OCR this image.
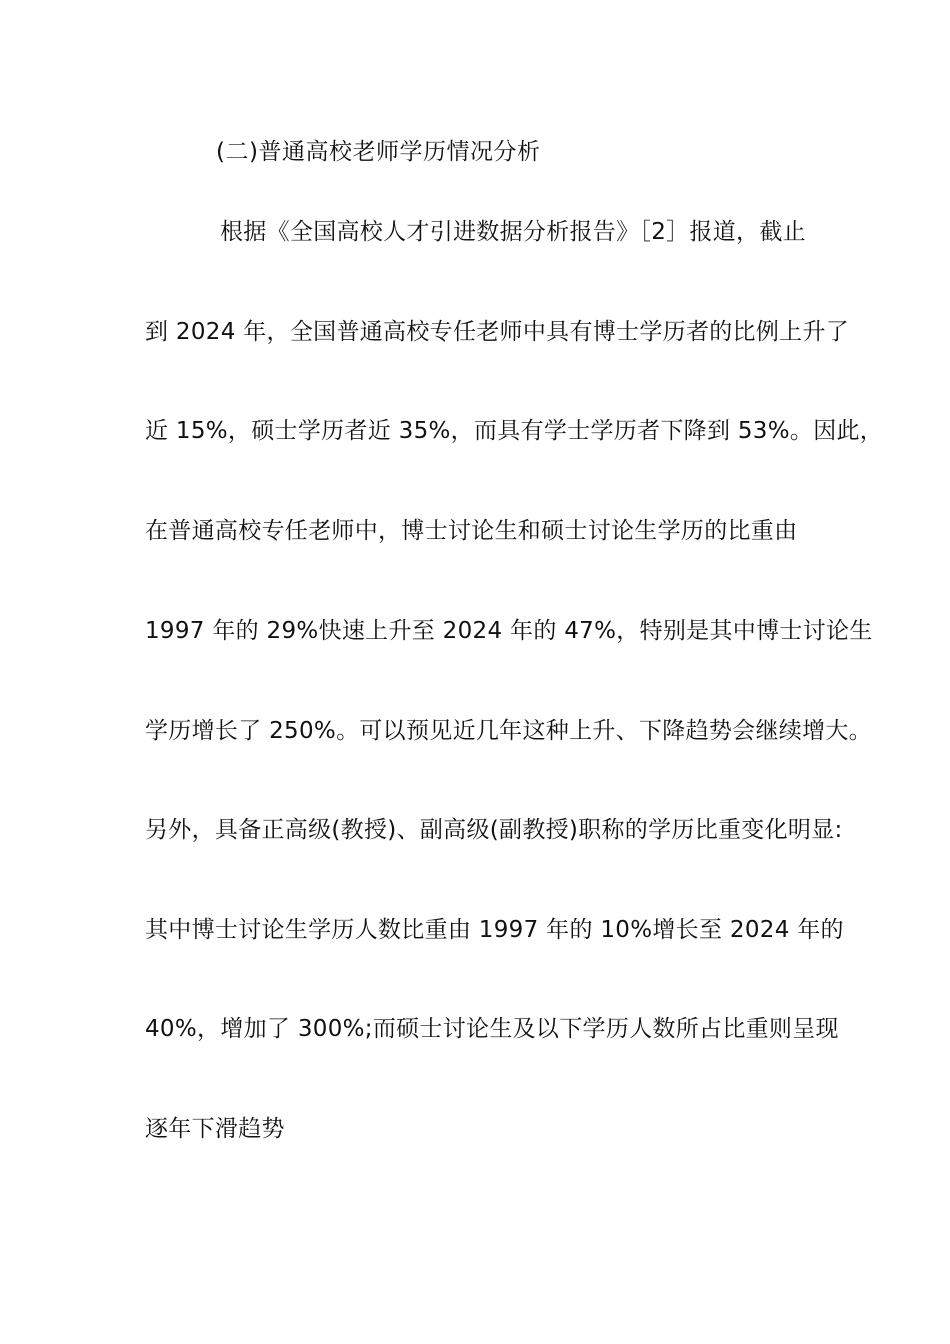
(二)普通高校老师学历情况分析
根据《全国高校人才引进数据分析报告》［2］报道，截止
到 2024 年，全国普通高校专任老师中具有博士学历者的比例上升了
近 15%，硕士学历者近 35%，而具有学士学历者下降到 53%。因此，
在普通高校专任老师中，博士讨论生和硕士讨论生学历的比重由
1997 年的 29%快速上升至 2024 年的 47%，特别是其中博士讨论生
学历增长了 250%。可以预见近几年这种上升、下降趋势会继续增大。
另外，具备正高级(教授)、副高级(副教授)职称的学历比重变化明显:
其中博士讨论生学历人数比重由 1997 年的 10%增长至 2024 年的
40%，增加了 300%;而硕士讨论生及以下学历人数所占比重则呈现
逐年下滑趋势
